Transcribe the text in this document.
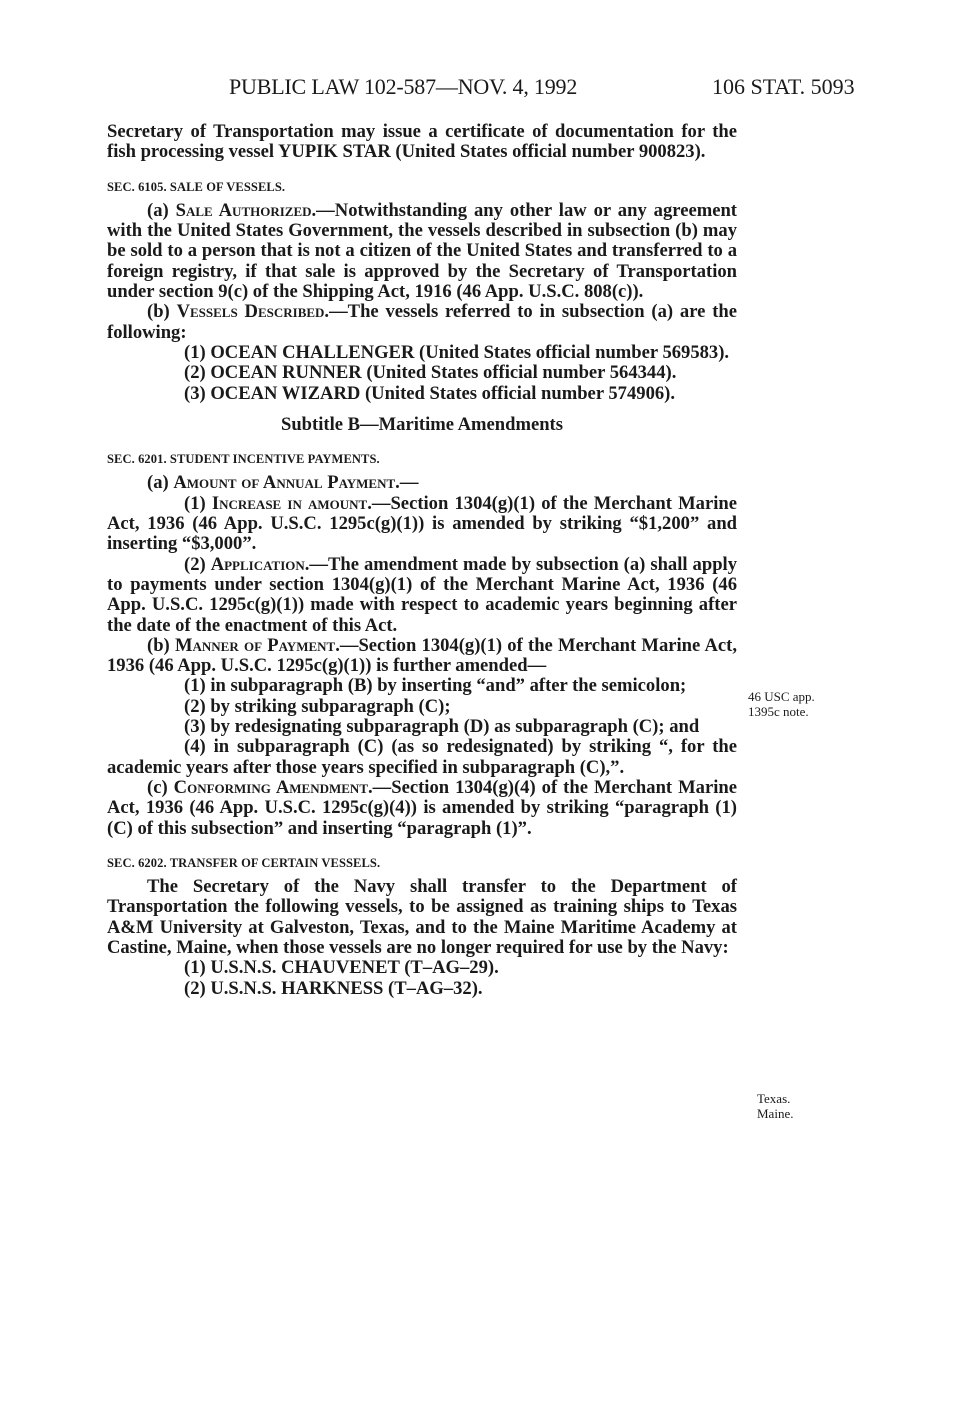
PUBLIC LAW 102-587—NOV. 4, 1992	106 STAT. 5093
46 USC app.
1395c note.
Texas.
Maine.

Secretary of Transportation may issue a certificate of documentation for the fish processing vessel YUPIK STAR (United States official number 900823).

SEC. 6105. SALE OF VESSELS.

(a) Sale Authorized.—Notwithstanding any other law or any agreement with the United States Government, the vessels described in subsection (b) may be sold to a person that is not a citizen of the United States and transferred to a foreign registry, if that sale is approved by the Secretary of Transportation under section 9(c) of the Shipping Act, 1916 (46 App. U.S.C. 808(c)).

(b) Vessels Described.—The vessels referred to in subsection (a) are the following:

(1) OCEAN CHALLENGER (United States official number 569583).

(2) OCEAN RUNNER (United States official number 564344).

(3) OCEAN WIZARD (United States official number 574906).

Subtitle B—Maritime Amendments

SEC. 6201. STUDENT INCENTIVE PAYMENTS.

(a) Amount of Annual Payment.—

(1) Increase in amount.—Section 1304(g)(1) of the Merchant Marine Act, 1936 (46 App. U.S.C. 1295c(g)(1)) is amended by striking “$1,200” and inserting “$3,000”.

(2) Application.—The amendment made by subsection (a) shall apply to payments under section 1304(g)(1) of the Merchant Marine Act, 1936 (46 App. U.S.C. 1295c(g)(1)) made with respect to academic years beginning after the date of the enactment of this Act.

(b) Manner of Payment.—Section 1304(g)(1) of the Merchant Marine Act, 1936 (46 App. U.S.C. 1295c(g)(1)) is further amended—

(1) in subparagraph (B) by inserting “and” after the semicolon;

(2) by striking subparagraph (C);

(3) by redesignating subparagraph (D) as subparagraph (C); and

(4) in subparagraph (C) (as so redesignated) by striking “, for the academic years after those years specified in subparagraph (C),”.

(c) Conforming Amendment.—Section 1304(g)(4) of the Merchant Marine Act, 1936 (46 App. U.S.C. 1295c(g)(4)) is amended by striking “paragraph (1)(C) of this subsection” and inserting “paragraph (1)”.

SEC. 6202. TRANSFER OF CERTAIN VESSELS.

The Secretary of the Navy shall transfer to the Department of Transportation the following vessels, to be assigned as training ships to Texas A&M University at Galveston, Texas, and to the Maine Maritime Academy at Castine, Maine, when those vessels are no longer required for use by the Navy:

(1) U.S.N.S. CHAUVENET (T–AG–29).

(2) U.S.N.S. HARKNESS (T–AG–32).
